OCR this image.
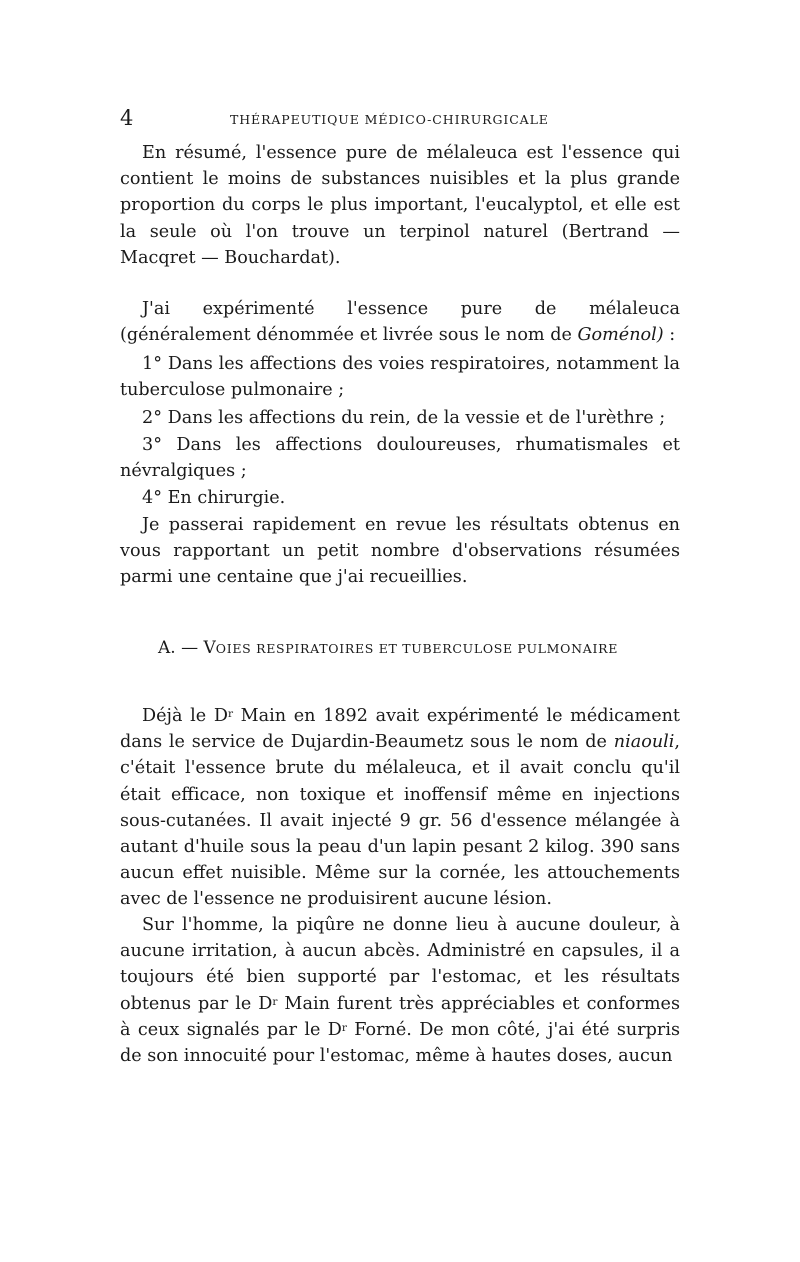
4	THÉRAPEUTIQUE MÉDICO-CHIRURGICALE

En résumé, l'essence pure de mélaleuca est l'essence qui contient le moins de substances nuisibles et la plus grande proportion du corps le plus important, l'eucalyptol, et elle est la seule où l'on trouve un terpinol naturel (Bertrand — Macqret — Bouchardat).

J'ai expérimenté l'essence pure de mélaleuca (généralement dénommée et livrée sous le nom de Goménol) :

1° Dans les affections des voies respiratoires, notamment la tuberculose pulmonaire ;

2° Dans les affections du rein, de la vessie et de l'urèthre ;

3° Dans les affections douloureuses, rhumatismales et névralgiques ;

4° En chirurgie.

Je passerai rapidement en revue les résultats obtenus en vous rapportant un petit nombre d'observations résumées parmi une centaine que j'ai recueillies.

A. — VOIES RESPIRATOIRES ET TUBERCULOSE PULMONAIRE

Déjà le $D^r$ Main en 1892 avait expérimenté le médicament dans le service de Dujardin-Beaumetz sous le nom de niaouli, c'était l'essence brute du mélaleuca, et il avait conclu qu'il était efficace, non toxique et inoffensif même en injections sous-cutanées. Il avait injecté 9 gr. 56 d'essence mélangée à autant d'huile sous la peau d'un lapin pesant 2 kilog. 390 sans aucun effet nuisible. Même sur la cornée, les attouchements avec de l'essence ne produisirent aucune lésion.

Sur l'homme, la piqûre ne donne lieu à aucune douleur, à aucune irritation, à aucun abcès. Administré en capsules, il a toujours été bien supporté par l'estomac, et les résultats obtenus par le $D^r$ Main furent très appréciables et conformes à ceux signalés par le $D^r$ Forné. De mon côté, j'ai été surpris de son innocuité pour l'estomac, même à hautes doses, aucun
